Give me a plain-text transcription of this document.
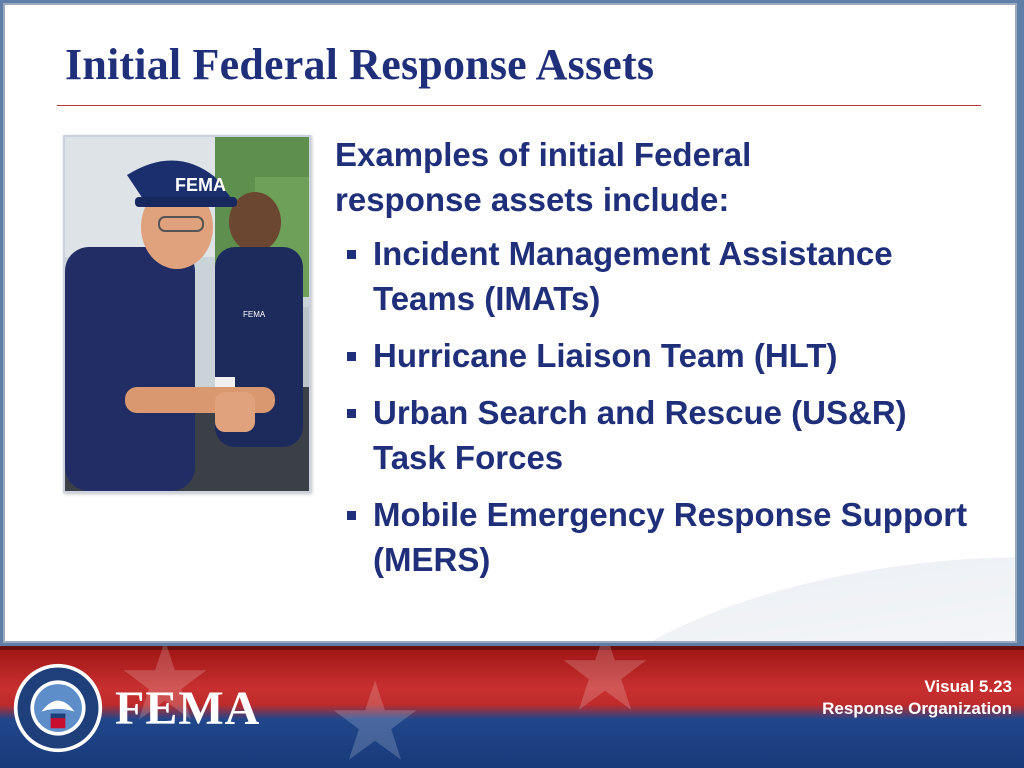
Initial Federal Response Assets
FEMA
FEMA

Examples of initial Federal response assets include:

Incident Management Assistance Teams (IMATs)
Hurricane Liaison Team (HLT)
Urban Search and Rescue (US&R) Task Forces
Mobile Emergency Response Support (MERS)
FEMA	Visual 5.23
Response Organization
